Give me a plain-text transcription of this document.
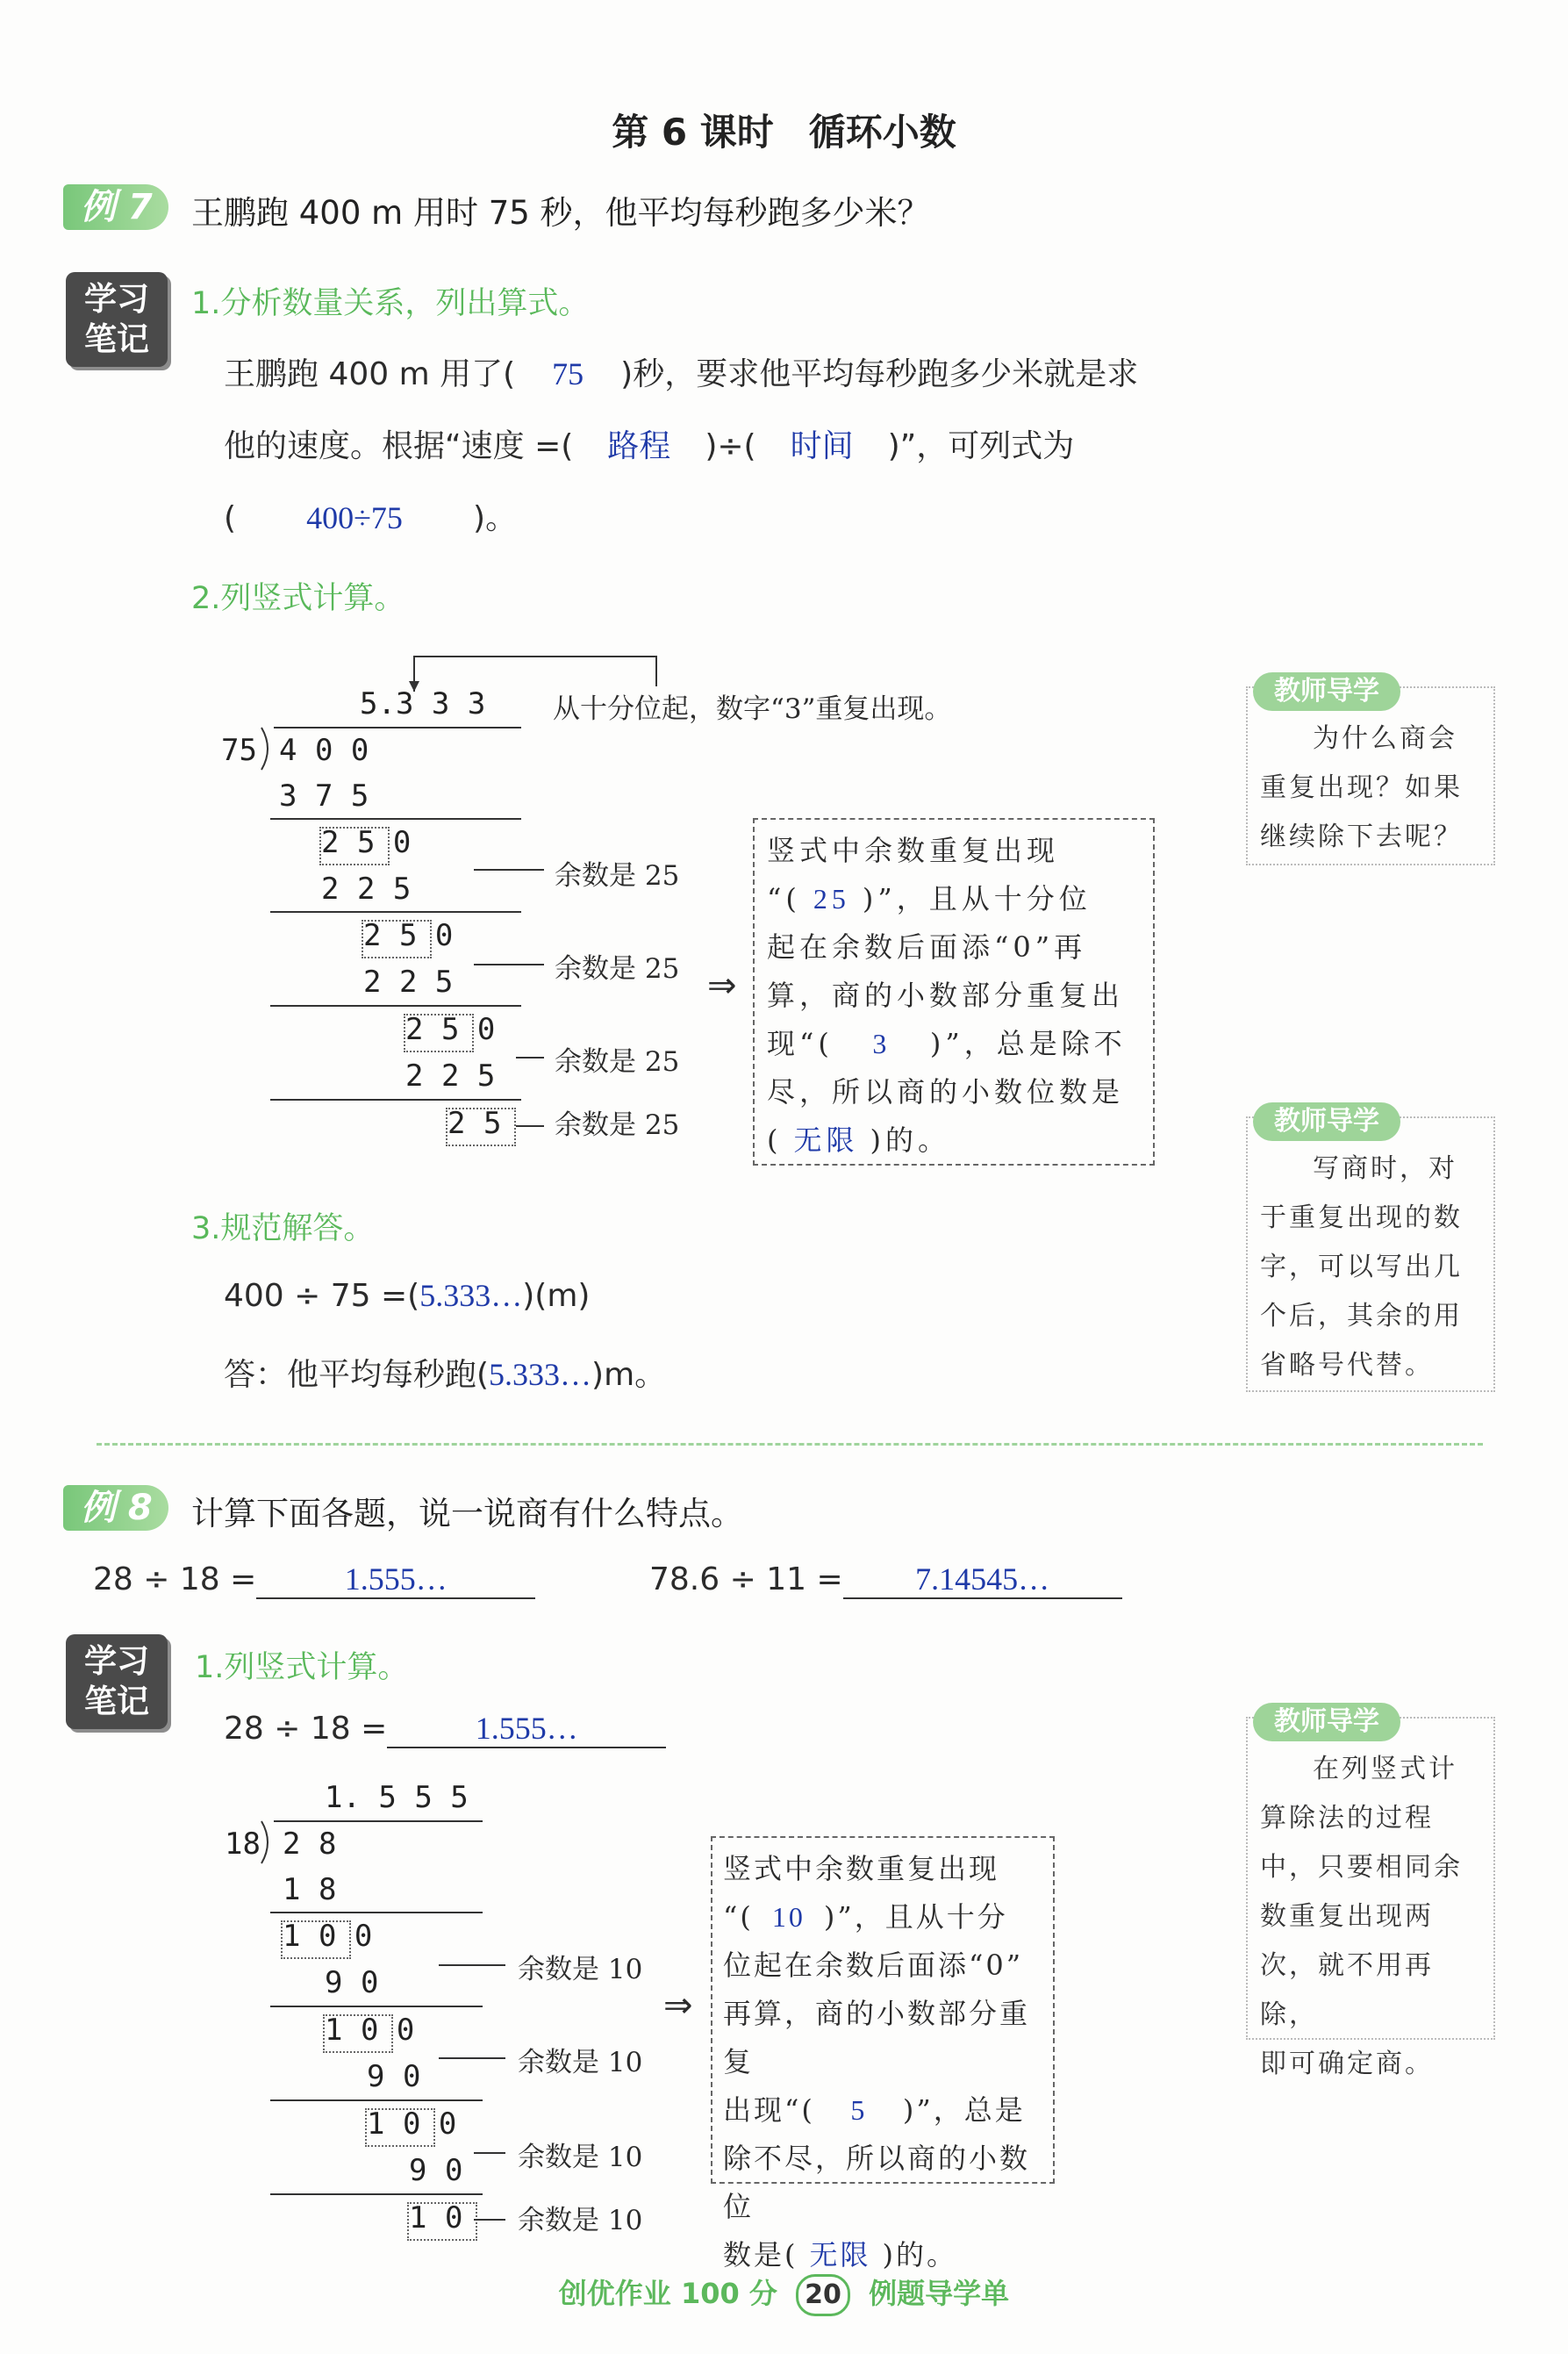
第 6 课时 循环小数
例 7	王鹏跑 400 m 用时 75 秒，他平均每秒跑多少米？
学习
笔记
1.分析数量关系，列出算式。
王鹏跑 400 m 用了( 75 )秒，要求他平均每秒跑多少米就是求
他的速度。根据“速度 =( 路程 )÷( 时间 )”，可列式为
( 400÷75 )。
2.列竖式计算。
从十分位起，数字“3”重复出现。
5.3 3 3
75 4 0 0
3 7 5
2 5 0
2 2 5	余数是 25
2 5 0
2 2 5	余数是 25
2 5 0
2 2 5 余数是 25
2 5 余数是 25
⇒
竖式中余数重复出现
“( 25 )”，且从十分位
起在余数后面添“0”再
算，商的小数部分重复出
现“( 3 )”，总是除不
尽，所以商的小数位数是
( 无限 )的。
3.规范解答。
400 ÷ 75 =(5.333…)(m)
答：他平均每秒跑(5.333…)m。
教师导学
为什么商会
重复出现？如果
继续除下去呢？
教师导学
写商时，对
于重复出现的数
字，可以写出几
个后，其余的用
省略号代替。
例 8	计算下面各题，说一说商有什么特点。
28 ÷ 18 =	1.555…	78.6 ÷ 11 = 7.14545…
学习
笔记
1.列竖式计算。
28 ÷ 18 =	1.555…
1. 5 5 5
18 2 8
1 8
1 0 0
9 0	余数是 10
1 0 0
9 0	余数是 10
1 0 0
9 0 余数是 10
1 0 余数是 10
⇒
竖式中余数重复出现
“( 10 )”，且从十分
位起在余数后面添“0”
再算，商的小数部分重复
出现“( 5 )”，总是
除不尽，所以商的小数位
数是( 无限 )的。
教师导学
在列竖式计
算除法的过程
中，只要相同余
数重复出现两
次，就不用再除，
即可确定商。
创优作业 100 分 20 例题导学单
